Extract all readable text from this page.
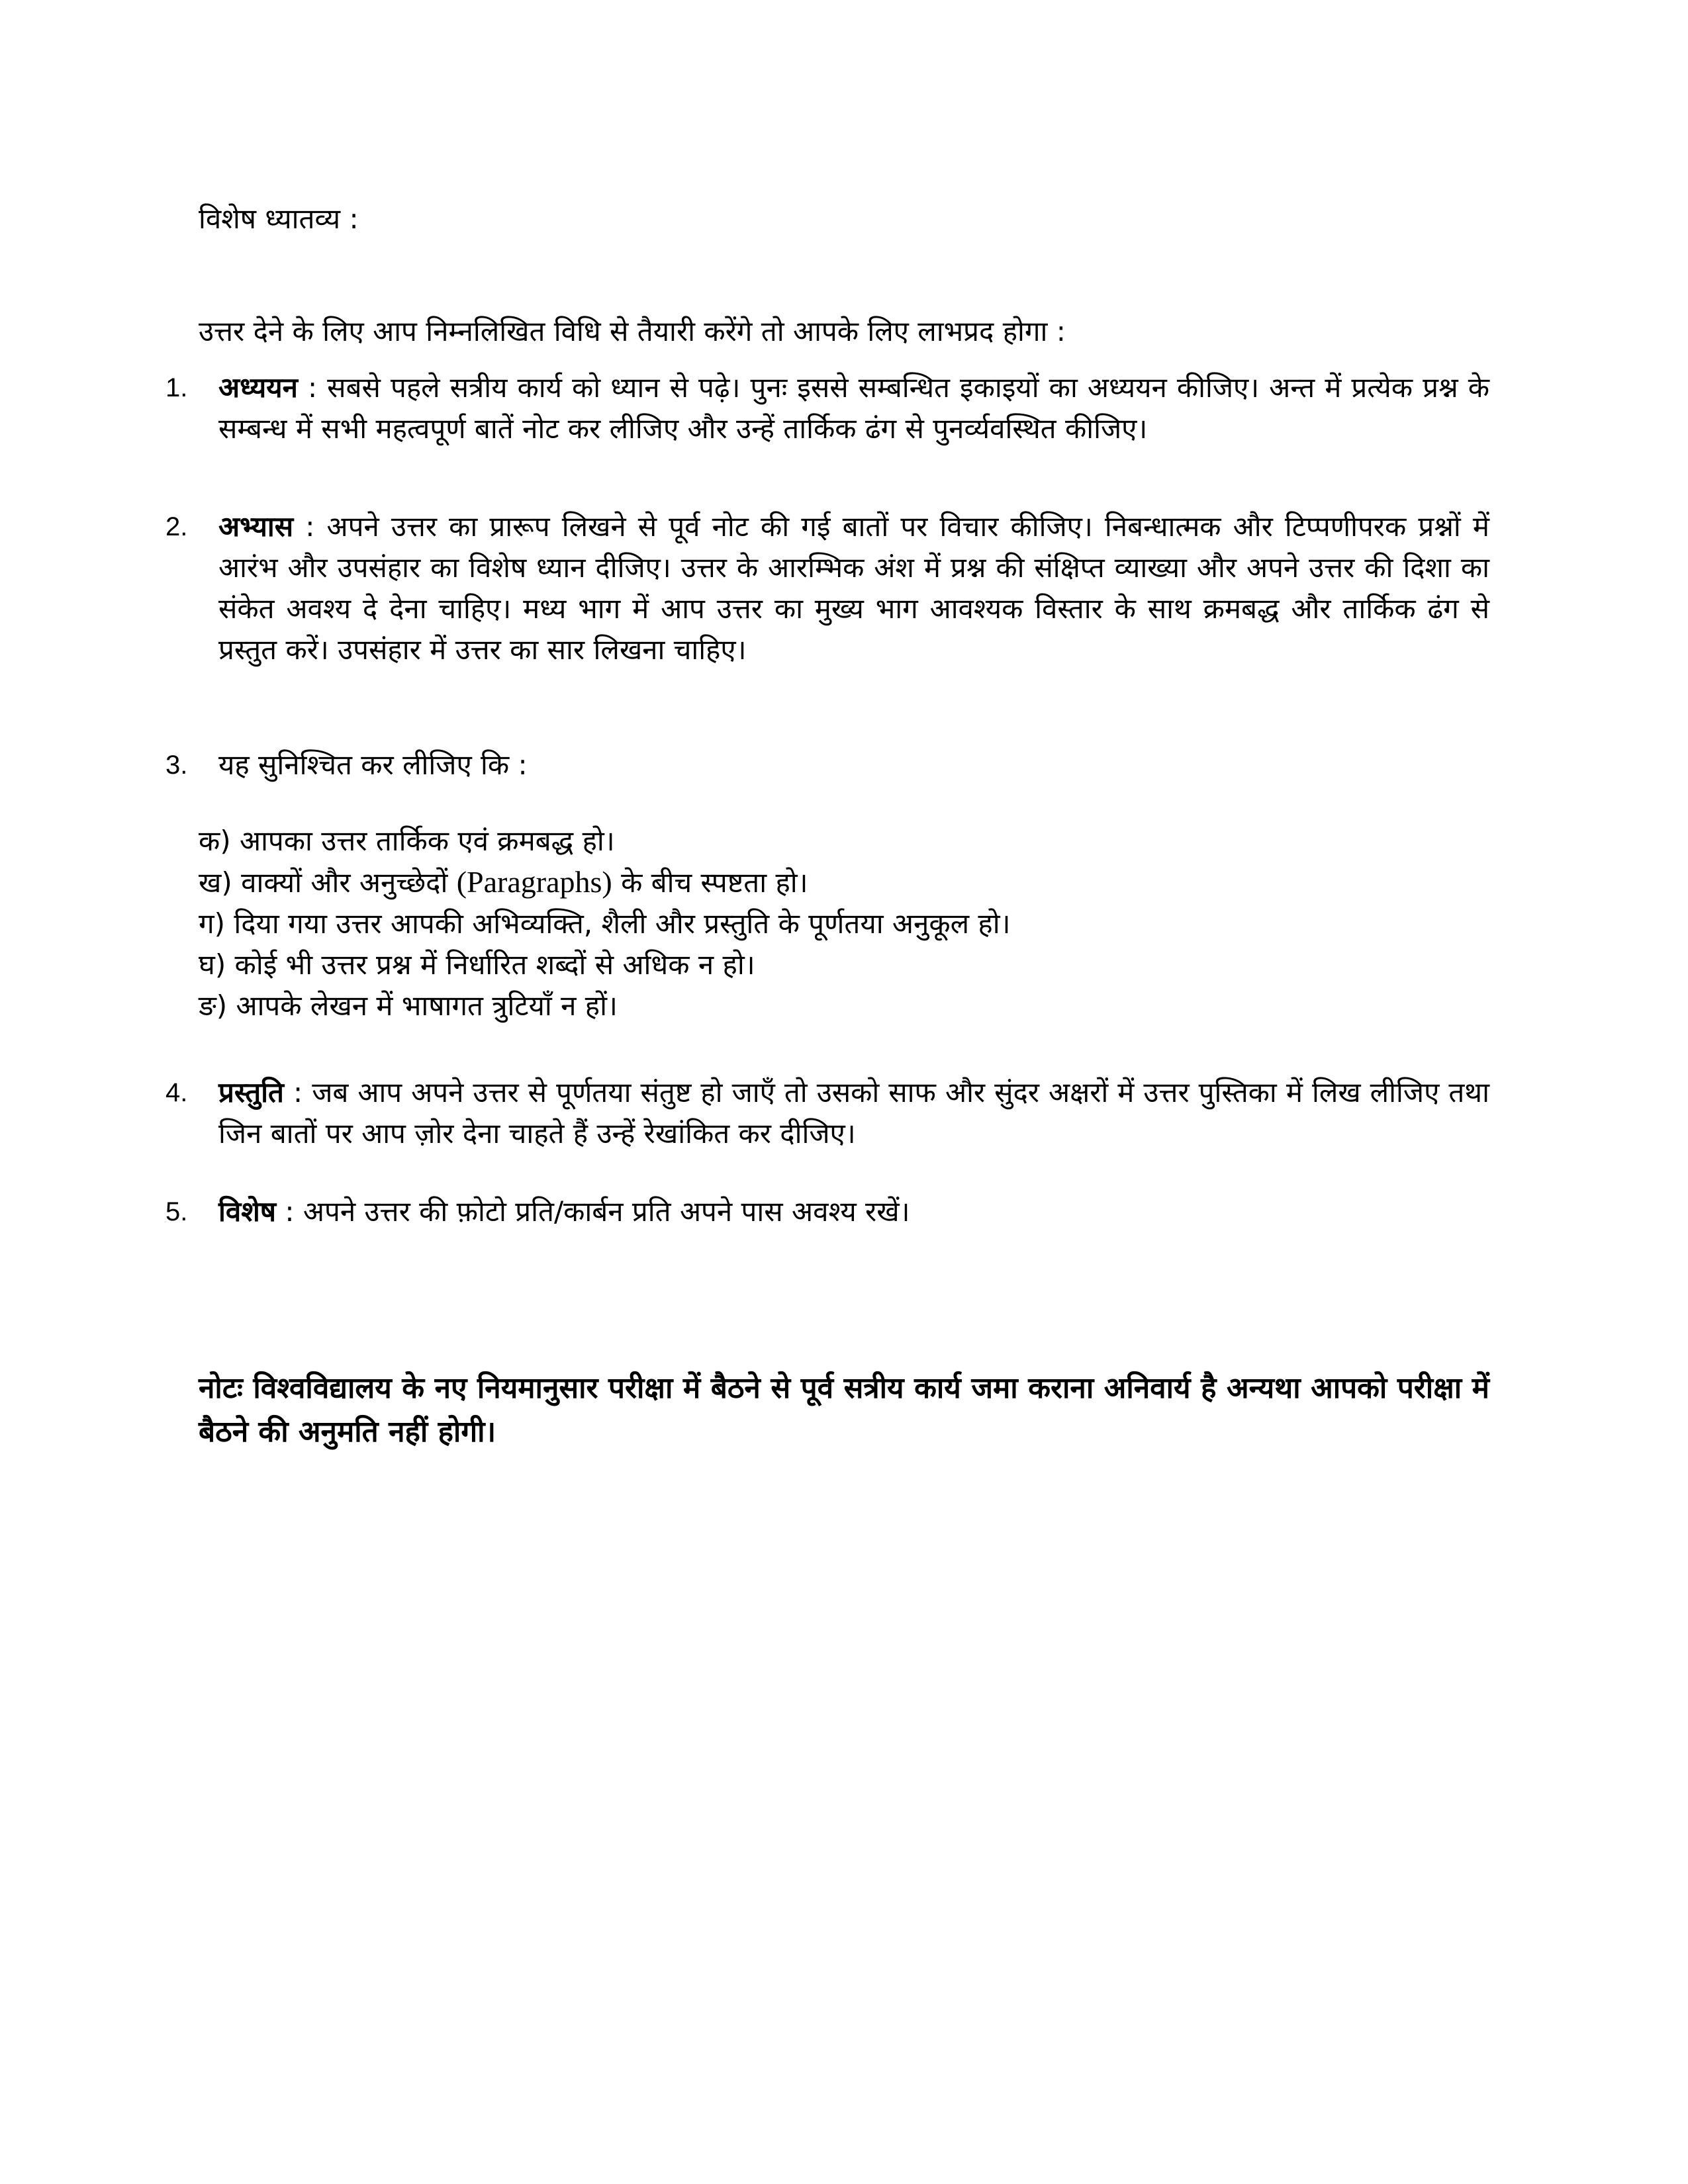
विशेष ध्यातव्य :
उत्तर देने के लिए आप निम्नलिखित विधि से तैयारी करेंगे तो आपके लिए लाभप्रद होगा :
1. अध्ययन : सबसे पहले सत्रीय कार्य को ध्यान से पढ़े। पुनः इससे सम्बन्धित इकाइयों का अध्ययन कीजिए। अन्त में प्रत्येक प्रश्न के सम्बन्ध में सभी महत्वपूर्ण बातें नोट कर लीजिए और उन्हें तार्किक ढंग से पुनर्व्यवस्थित कीजिए।
2. अभ्यास : अपने उत्तर का प्रारूप लिखने से पूर्व नोट की गई बातों पर विचार कीजिए। निबन्धात्मक और टिप्पणीपरक प्रश्नों में आरंभ और उपसंहार का विशेष ध्यान दीजिए। उत्तर के आरम्भिक अंश में प्रश्न की संक्षिप्त व्याख्या और अपने उत्तर की दिशा का संकेत अवश्य दे देना चाहिए। मध्य भाग में आप उत्तर का मुख्य भाग आवश्यक विस्तार के साथ क्रमबद्ध और तार्किक ढंग से प्रस्तुत करें। उपसंहार में उत्तर का सार लिखना चाहिए।
3. यह सुनिश्चित कर लीजिए कि :
क) आपका उत्तर तार्किक एवं क्रमबद्ध हो।
ख) वाक्यों और अनुच्छेदों (Paragraphs) के बीच स्पष्टता हो।
ग) दिया गया उत्तर आपकी अभिव्यक्ति, शैली और प्रस्तुति के पूर्णतया अनुकूल हो।
घ) कोई भी उत्तर प्रश्न में निर्धारित शब्दों से अधिक न हो।
ङ) आपके लेखन में भाषागत त्रुटियाँ न हों।
4. प्रस्तुति : जब आप अपने उत्तर से पूर्णतया संतुष्ट हो जाएँ तो उसको साफ और सुंदर अक्षरों में उत्तर पुस्तिका में लिख लीजिए तथा जिन बातों पर आप ज़ोर देना चाहते हैं उन्हें रेखांकित कर दीजिए।
5. विशेष : अपने उत्तर की फ़ोटो प्रति/कार्बन प्रति अपने पास अवश्य रखें।
नोटः विश्वविद्यालय के नए नियमानुसार परीक्षा में बैठने से पूर्व सत्रीय कार्य जमा कराना अनिवार्य है अन्यथा आपको परीक्षा में बैठने की अनुमति नहीं होगी।
